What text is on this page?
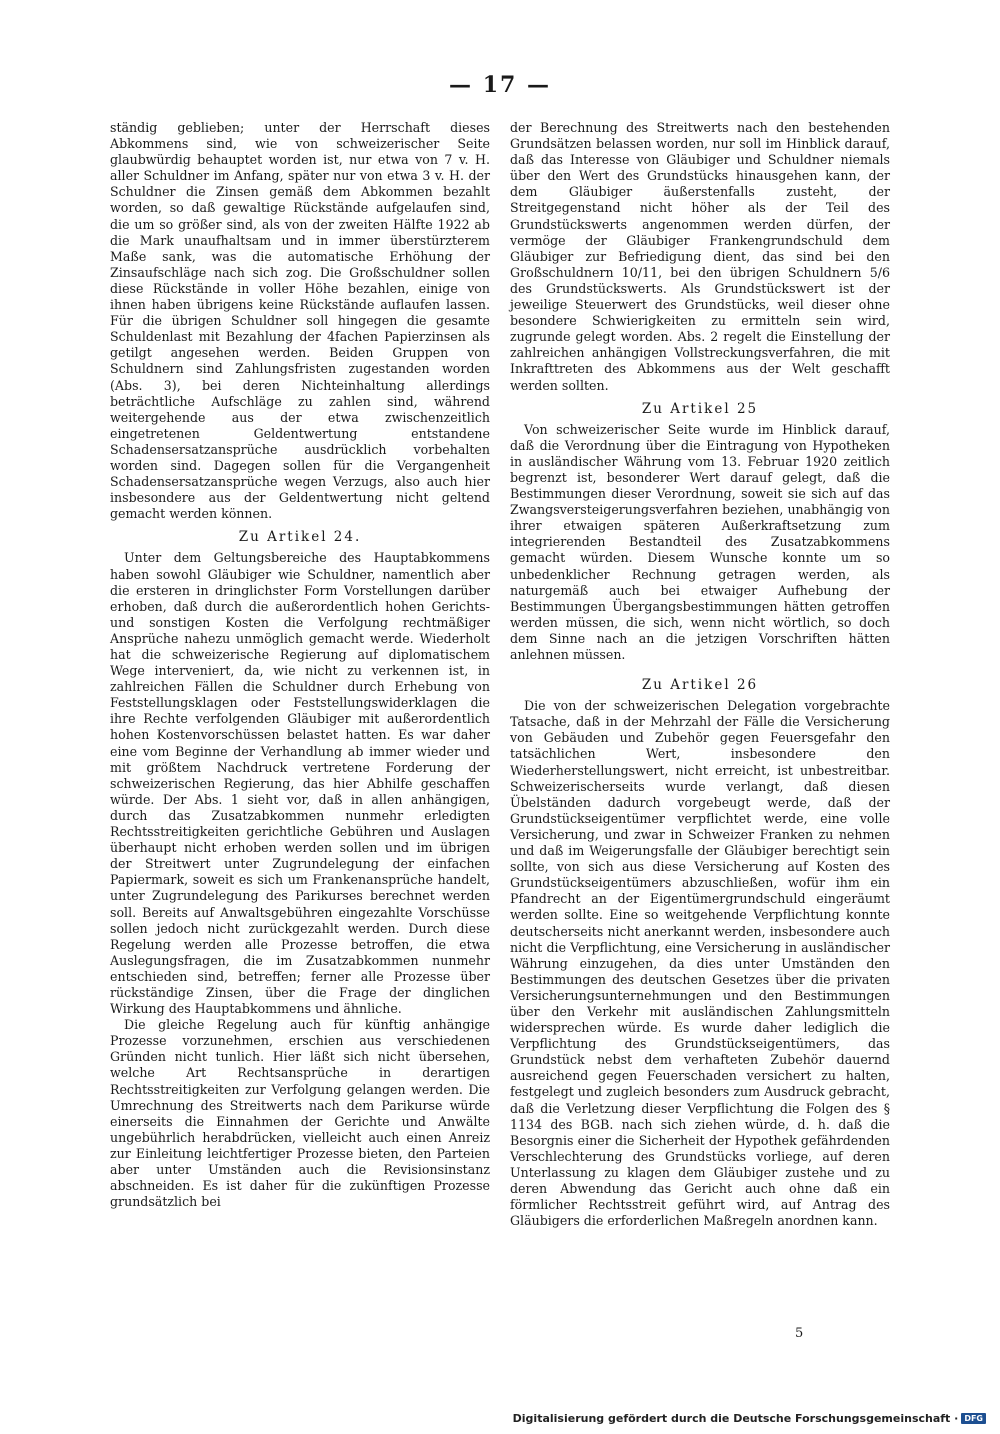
— 17 —

ständig geblieben; unter der Herrschaft dieses Abkommens sind, wie von schweizerischer Seite glaubwürdig behauptet worden ist, nur etwa von 7 v. H. aller Schuldner im Anfang, später nur von etwa 3 v. H. der Schuldner die Zinsen gemäß dem Abkommen bezahlt worden, so daß gewaltige Rückstände aufgelaufen sind, die um so größer sind, als von der zweiten Hälfte 1922 ab die Mark unaufhaltsam und in immer überstürzterem Maße sank, was die automatische Erhöhung der Zinsaufschläge nach sich zog. Die Großschuldner sollen diese Rückstände in voller Höhe bezahlen, einige von ihnen haben übrigens keine Rückstände auflaufen lassen. Für die übrigen Schuldner soll hingegen die gesamte Schuldenlast mit Bezahlung der 4fachen Papierzinsen als getilgt angesehen werden. Beiden Gruppen von Schuldnern sind Zahlungsfristen zugestanden worden (Abs. 3), bei deren Nichteinhaltung allerdings beträchtliche Aufschläge zu zahlen sind, während weitergehende aus der etwa zwischenzeitlich eingetretenen Geldentwertung entstandene Schadensersatzansprüche ausdrücklich vorbehalten worden sind. Dagegen sollen für die Vergangenheit Schadensersatzansprüche wegen Verzugs, also auch hier insbesondere aus der Geldentwertung nicht geltend gemacht werden können.

Zu Artikel 24.

Unter dem Geltungsbereiche des Hauptabkommens haben sowohl Gläubiger wie Schuldner, namentlich aber die ersteren in dringlichster Form Vorstellungen darüber erhoben, daß durch die außerordentlich hohen Gerichts- und sonstigen Kosten die Verfolgung rechtmäßiger Ansprüche nahezu unmöglich gemacht werde. Wiederholt hat die schweizerische Regierung auf diplomatischem Wege interveniert, da, wie nicht zu verkennen ist, in zahlreichen Fällen die Schuldner durch Erhebung von Feststellungsklagen oder Feststellungswiderklagen die ihre Rechte verfolgenden Gläubiger mit außerordentlich hohen Kostenvorschüssen belastet hatten. Es war daher eine vom Beginne der Verhandlung ab immer wieder und mit größtem Nachdruck vertretene Forderung der schweizerischen Regierung, das hier Abhilfe geschaffen würde. Der Abs. 1 sieht vor, daß in allen anhängigen, durch das Zusatzabkommen nunmehr erledigten Rechtsstreitigkeiten gerichtliche Gebühren und Auslagen überhaupt nicht erhoben werden sollen und im übrigen der Streitwert unter Zugrundelegung der einfachen Papiermark, soweit es sich um Frankenansprüche handelt, unter Zugrundelegung des Parikurses berechnet werden soll. Bereits auf Anwaltsgebühren eingezahlte Vorschüsse sollen jedoch nicht zurückgezahlt werden. Durch diese Regelung werden alle Prozesse betroffen, die etwa Auslegungsfragen, die im Zusatzabkommen nunmehr entschieden sind, betreffen; ferner alle Prozesse über rückständige Zinsen, über die Frage der dinglichen Wirkung des Hauptabkommens und ähnliche.

Die gleiche Regelung auch für künftig anhängige Prozesse vorzunehmen, erschien aus verschiedenen Gründen nicht tunlich. Hier läßt sich nicht übersehen, welche Art Rechtsansprüche in derartigen Rechtsstreitigkeiten zur Verfolgung gelangen werden. Die Umrechnung des Streitwerts nach dem Parikurse würde einerseits die Einnahmen der Gerichte und Anwälte ungebührlich herabdrücken, vielleicht auch einen Anreiz zur Einleitung leichtfertiger Prozesse bieten, den Parteien aber unter Umständen auch die Revisionsinstanz abschneiden. Es ist daher für die zukünftigen Prozesse grundsätzlich bei

der Berechnung des Streitwerts nach den bestehenden Grundsätzen belassen worden, nur soll im Hinblick darauf, daß das Interesse von Gläubiger und Schuldner niemals über den Wert des Grundstücks hinausgehen kann, der dem Gläubiger äußerstenfalls zusteht, der Streitgegenstand nicht höher als der Teil des Grundstückswerts angenommen werden dürfen, der vermöge der Gläubiger Frankengrundschuld dem Gläubiger zur Befriedigung dient, das sind bei den Großschuldnern 10/11, bei den übrigen Schuldnern 5/6 des Grundstückswerts. Als Grundstückswert ist der jeweilige Steuerwert des Grundstücks, weil dieser ohne besondere Schwierigkeiten zu ermitteln sein wird, zugrunde gelegt worden. Abs. 2 regelt die Einstellung der zahlreichen anhängigen Vollstreckungsverfahren, die mit Inkrafttreten des Abkommens aus der Welt geschafft werden sollten.

Zu Artikel 25

Von schweizerischer Seite wurde im Hinblick darauf, daß die Verordnung über die Eintragung von Hypotheken in ausländischer Währung vom 13. Februar 1920 zeitlich begrenzt ist, besonderer Wert darauf gelegt, daß die Bestimmungen dieser Verordnung, soweit sie sich auf das Zwangsversteigerungsverfahren beziehen, unabhängig von ihrer etwaigen späteren Außerkraftsetzung zum integrierenden Bestandteil des Zusatzabkommens gemacht würden. Diesem Wunsche konnte um so unbedenklicher Rechnung getragen werden, als naturgemäß auch bei etwaiger Aufhebung der Bestimmungen Übergangsbestimmungen hätten getroffen werden müssen, die sich, wenn nicht wörtlich, so doch dem Sinne nach an die jetzigen Vorschriften hätten anlehnen müssen.

Zu Artikel 26

Die von der schweizerischen Delegation vorgebrachte Tatsache, daß in der Mehrzahl der Fälle die Versicherung von Gebäuden und Zubehör gegen Feuersgefahr den tatsächlichen Wert, insbesondere den Wiederherstellungswert, nicht erreicht, ist unbestreitbar. Schweizerischerseits wurde verlangt, daß diesen Übelständen dadurch vorgebeugt werde, daß der Grundstückseigentümer verpflichtet werde, eine volle Versicherung, und zwar in Schweizer Franken zu nehmen und daß im Weigerungsfalle der Gläubiger berechtigt sein sollte, von sich aus diese Versicherung auf Kosten des Grundstückseigentümers abzuschließen, wofür ihm ein Pfandrecht an der Eigentümergrundschuld eingeräumt werden sollte. Eine so weitgehende Verpflichtung konnte deutscherseits nicht anerkannt werden, insbesondere auch nicht die Verpflichtung, eine Versicherung in ausländischer Währung einzugehen, da dies unter Umständen den Bestimmungen des deutschen Gesetzes über die privaten Versicherungsunternehmungen und den Bestimmungen über den Verkehr mit ausländischen Zahlungsmitteln widersprechen würde. Es wurde daher lediglich die Verpflichtung des Grundstückseigentümers, das Grundstück nebst dem verhafteten Zubehör dauernd ausreichend gegen Feuerschaden versichert zu halten, festgelegt und zugleich besonders zum Ausdruck gebracht, daß die Verletzung dieser Verpflichtung die Folgen des § 1134 des BGB. nach sich ziehen würde, d. h. daß die Besorgnis einer die Sicherheit der Hypothek gefährdenden Verschlechterung des Grundstücks vorliege, auf deren Unterlassung zu klagen dem Gläubiger zustehe und zu deren Abwendung das Gericht auch ohne daß ein förmlicher Rechtsstreit geführt wird, auf Antrag des Gläubigers die erforderlichen Maßregeln anordnen kann.

5
Digitalisierung gefördert durch die Deutsche Forschungsgemeinschaft · DFG
